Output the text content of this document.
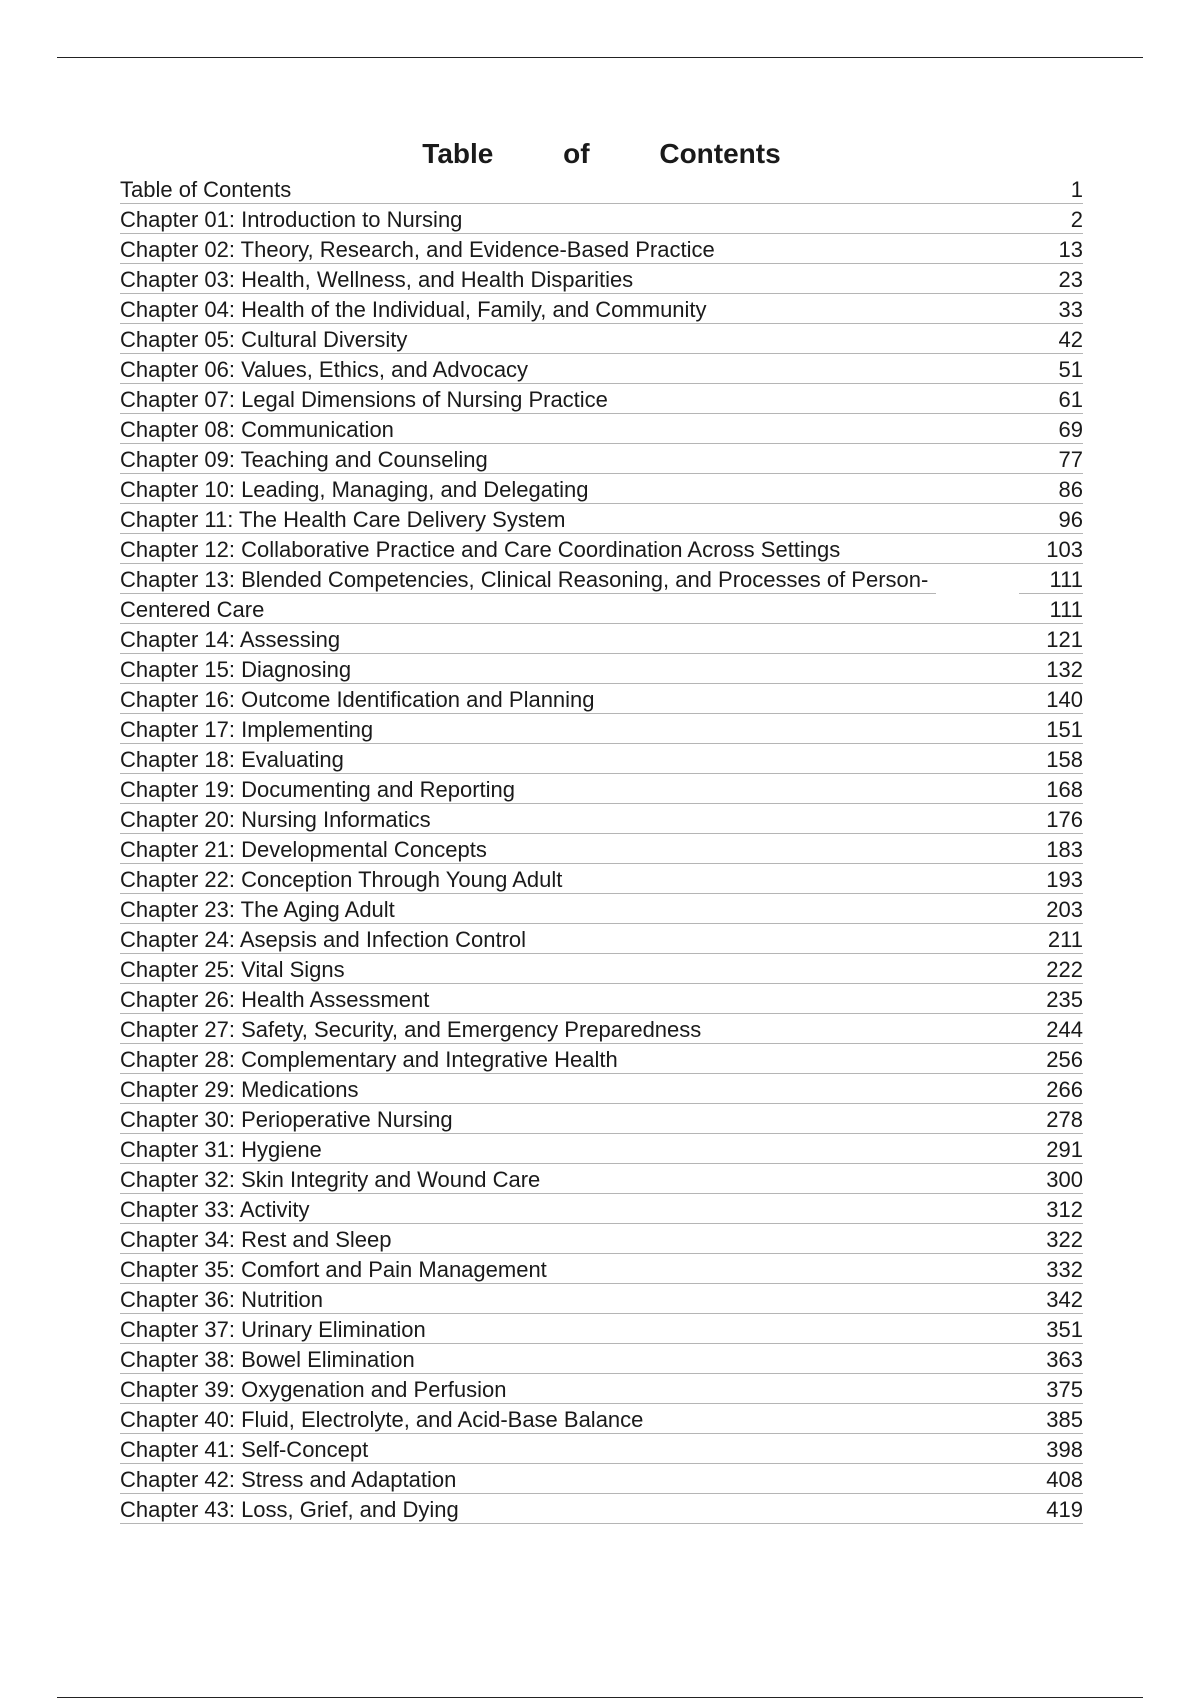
Table of Contents
Table of Contents	1
Chapter 01: Introduction to Nursing	2
Chapter 02: Theory, Research, and Evidence-Based Practice	13
Chapter 03: Health, Wellness, and Health Disparities	23
Chapter 04: Health of the Individual, Family, and Community	33
Chapter 05: Cultural Diversity	42
Chapter 06: Values, Ethics, and Advocacy	51
Chapter 07: Legal Dimensions of Nursing Practice	61
Chapter 08: Communication	69
Chapter 09: Teaching and Counseling	77
Chapter 10: Leading, Managing, and Delegating	86
Chapter 11: The Health Care Delivery System	96
Chapter 12: Collaborative Practice and Care Coordination Across Settings	103
Chapter 13: Blended Competencies, Clinical Reasoning, and Processes of Person-	111
Centered Care	111
Chapter 14: Assessing	121
Chapter 15: Diagnosing	132
Chapter 16: Outcome Identification and Planning	140
Chapter 17: Implementing	151
Chapter 18: Evaluating	158
Chapter 19: Documenting and Reporting	168
Chapter 20: Nursing Informatics	176
Chapter 21: Developmental Concepts	183
Chapter 22: Conception Through Young Adult	193
Chapter 23: The Aging Adult	203
Chapter 24: Asepsis and Infection Control	211
Chapter 25: Vital Signs	222
Chapter 26: Health Assessment	235
Chapter 27: Safety, Security, and Emergency Preparedness	244
Chapter 28: Complementary and Integrative Health	256
Chapter 29: Medications	266
Chapter 30: Perioperative Nursing	278
Chapter 31: Hygiene	291
Chapter 32: Skin Integrity and Wound Care	300
Chapter 33: Activity	312
Chapter 34: Rest and Sleep	322
Chapter 35: Comfort and Pain Management	332
Chapter 36: Nutrition	342
Chapter 37: Urinary Elimination	351
Chapter 38: Bowel Elimination	363
Chapter 39: Oxygenation and Perfusion	375
Chapter 40: Fluid, Electrolyte, and Acid-Base Balance	385
Chapter 41: Self-Concept	398
Chapter 42: Stress and Adaptation	408
Chapter 43: Loss, Grief, and Dying	419
